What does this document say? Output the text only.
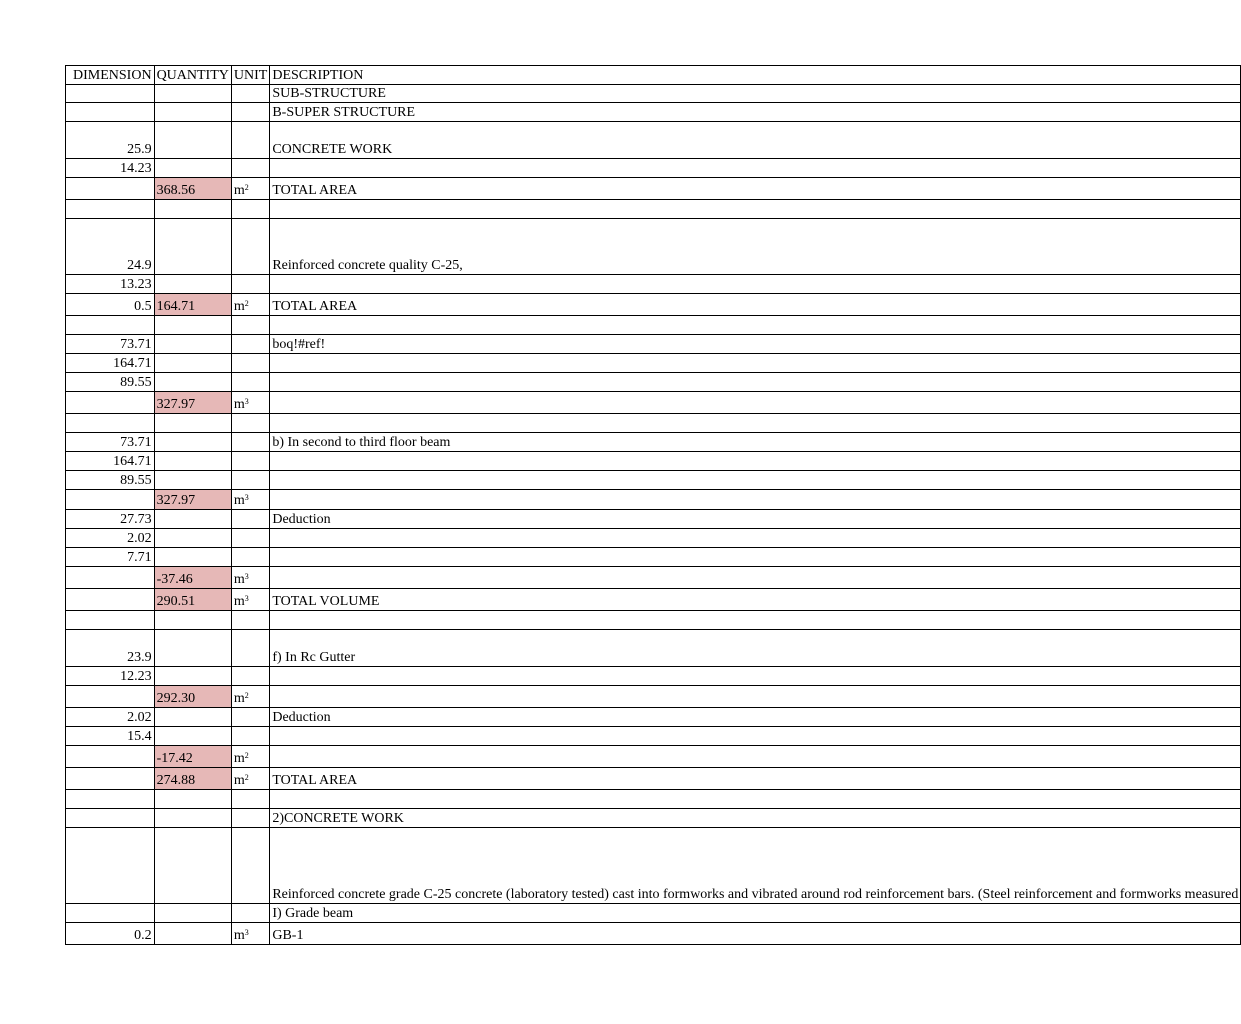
DIMENSION	QUANTITY	UNIT	DESCRIPTION
			SUB-STRUCTURE
			B-SUPER STRUCTURE
25.9			CONCRETE WORK
14.23			
	368.56	$m^2$	TOTAL AREA

24.9			Reinforced concrete quality C-25,
13.23			
0.5	164.71	$m^2$	TOTAL AREA

73.71			boq!#ref!
164.71			
89.55			
	327.97	$m^3$	

73.71			b) In second to third floor beam
164.71			
89.55			
	327.97	$m^3$	
27.73			Deduction
2.02			
7.71			
	-37.46	$m^3$	
	290.51	$m^3$	TOTAL VOLUME

23.9			f) In Rc Gutter
12.23			
	292.30	$m^2$	
2.02			Deduction
15.4			
	-17.42	$m^2$	
	274.88	$m^2$	TOTAL AREA

			2)CONCRETE WORK
			Reinforced concrete grade C-25 concrete (laboratory tested) cast into formworks and vibrated around rod reinforcement bars. (Steel reinforcement and formworks measured
			I) Grade beam
0.2		$m^3$	GB-1
